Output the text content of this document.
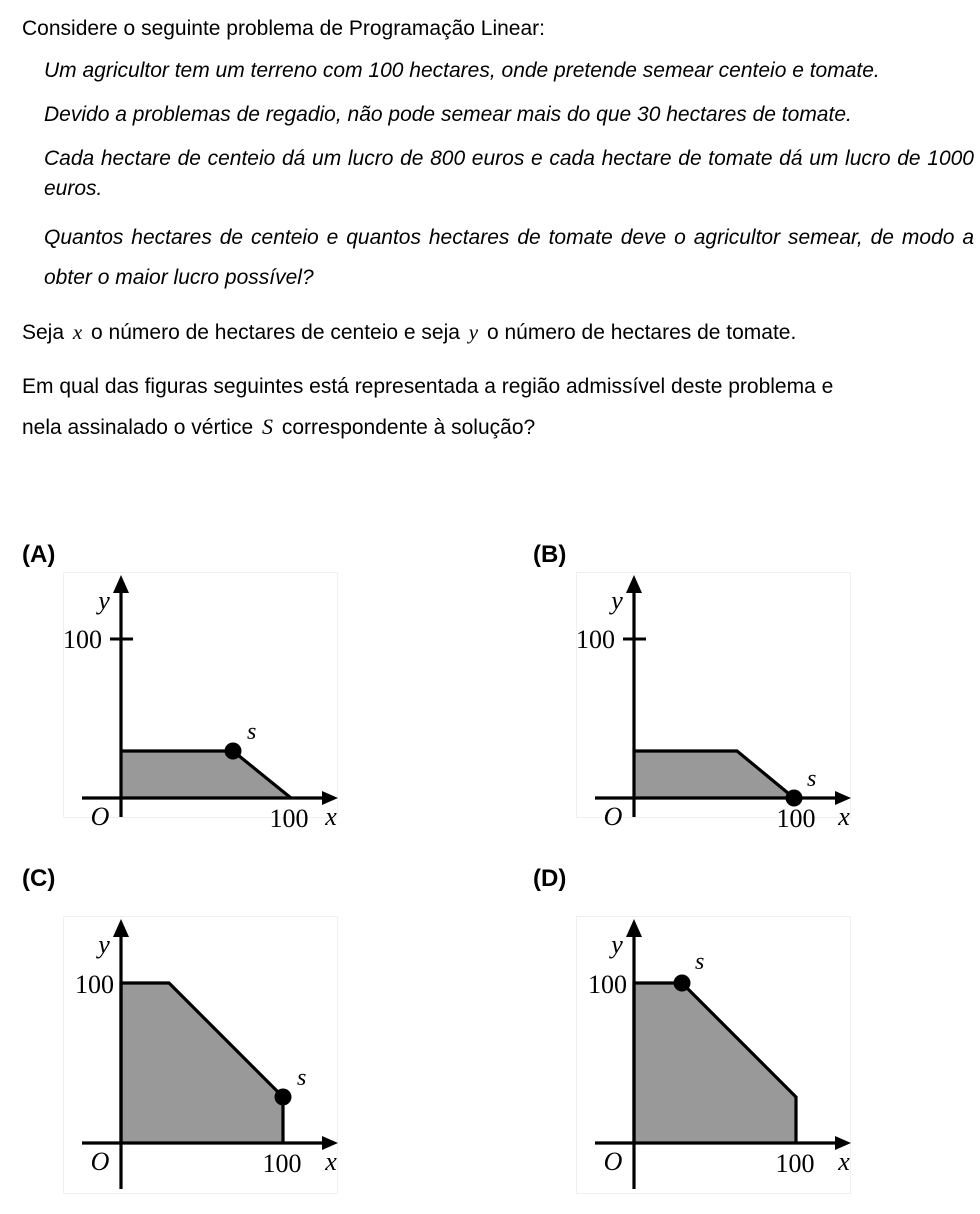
Considere o seguinte problema de Programação Linear:

Um agricultor tem um terreno com 100 hectares, onde pretende semear centeio e tomate.

Devido a problemas de regadio, não pode semear mais do que 30 hectares de tomate.

Cada hectare de centeio dá um lucro de 800 euros e cada hectare de tomate dá um lucro de 1000 euros.

Quantos hectares de centeio e quantos hectares de tomate deve o agricultor semear, de modo a obter o maior lucro possível?

Seja x o número de hectares de centeio e seja y o número de hectares de tomate.

Em qual das figuras seguintes está representada a região admissível deste problema e

nela assinalado o vértice S correspondente à solução?

(A)
y
x
O
100
100
s
(B)
y
x
O
100
100
s
(C)
y
x
O
100
100
s
(D)
y
x
O
100
100
s
